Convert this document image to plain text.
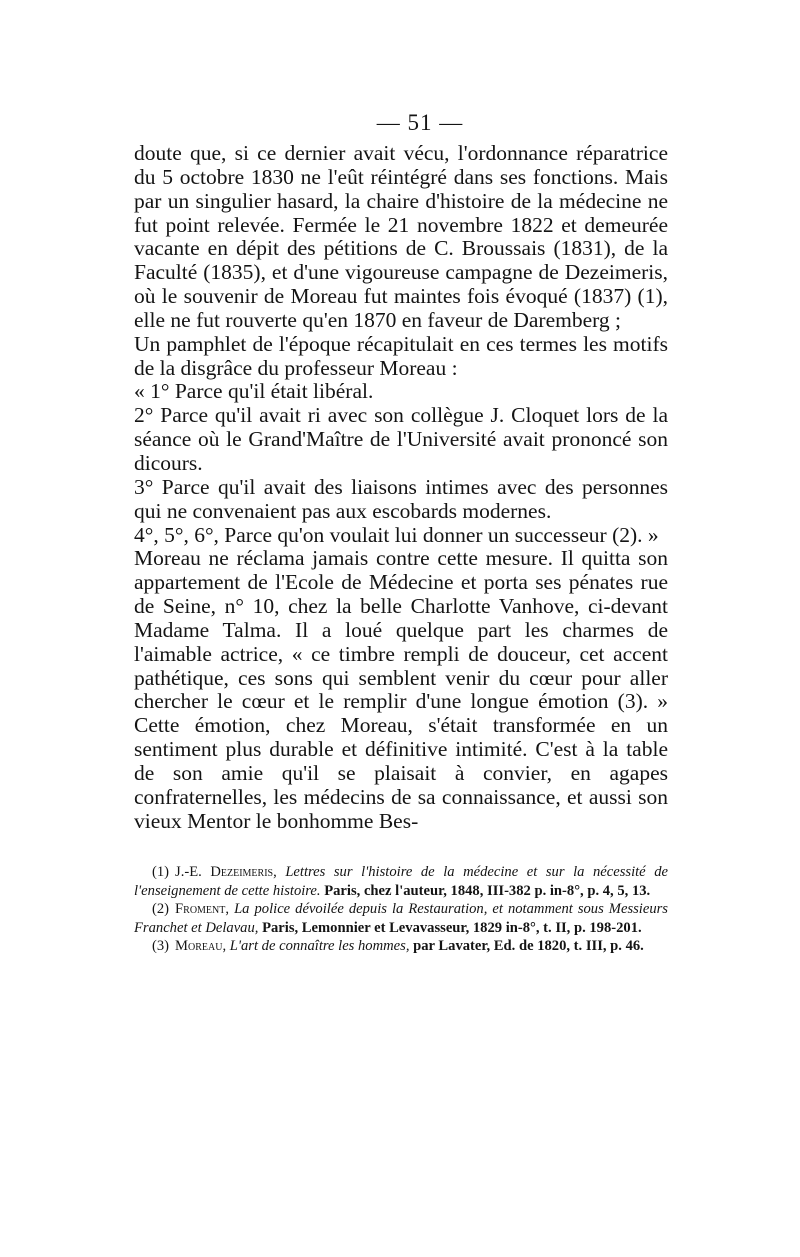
— 51 —

doute que, si ce dernier avait vécu, l'ordonnance réparatrice du 5 octobre 1830 ne l'eût réintégré dans ses fonctions. Mais par un singulier hasard, la chaire d'histoire de la médecine ne fut point relevée. Fermée le 21 novembre 1822 et demeurée vacante en dépit des pétitions de C. Broussais (1831), de la Faculté (1835), et d'une vigoureuse campagne de Dezeimeris, où le souvenir de Moreau fut maintes fois évoqué (1837) (1), elle ne fut rouverte qu'en 1870 en faveur de Daremberg ;

Un pamphlet de l'époque récapitulait en ces termes les motifs de la disgrâce du professeur Moreau :

« 1° Parce qu'il était libéral.

2° Parce qu'il avait ri avec son collègue J. Cloquet lors de la séance où le Grand'Maître de l'Université avait prononcé son dicours.

3° Parce qu'il avait des liaisons intimes avec des personnes qui ne convenaient pas aux escobards modernes.

4°, 5°, 6°, Parce qu'on voulait lui donner un successeur (2). »

Moreau ne réclama jamais contre cette mesure. Il quitta son appartement de l'Ecole de Médecine et porta ses pénates rue de Seine, n° 10, chez la belle Charlotte Vanhove, ci-devant Madame Talma. Il a loué quelque part les charmes de l'aimable actrice, « ce timbre rempli de douceur, cet accent pathétique, ces sons qui semblent venir du cœur pour aller chercher le cœur et le remplir d'une longue émotion (3). » Cette émotion, chez Moreau, s'était transformée en un sentiment plus durable et définitive intimité. C'est à la table de son amie qu'il se plaisait à convier, en agapes confraternelles, les médecins de sa connaissance, et aussi son vieux Mentor le bonhomme Bes-

(1) J.-E. Dezeimeris, Lettres sur l'histoire de la médecine et sur la nécessité de l'enseignement de cette histoire. Paris, chez l'auteur, 1848, III-382 p. in-8°, p. 4, 5, 13.

(2) Froment, La police dévoilée depuis la Restauration, et notamment sous Messieurs Franchet et Delavau, Paris, Lemonnier et Levavasseur, 1829 in-8°, t. II, p. 198-201.

(3) Moreau, L'art de connaître les hommes, par Lavater, Ed. de 1820, t. III, p. 46.
